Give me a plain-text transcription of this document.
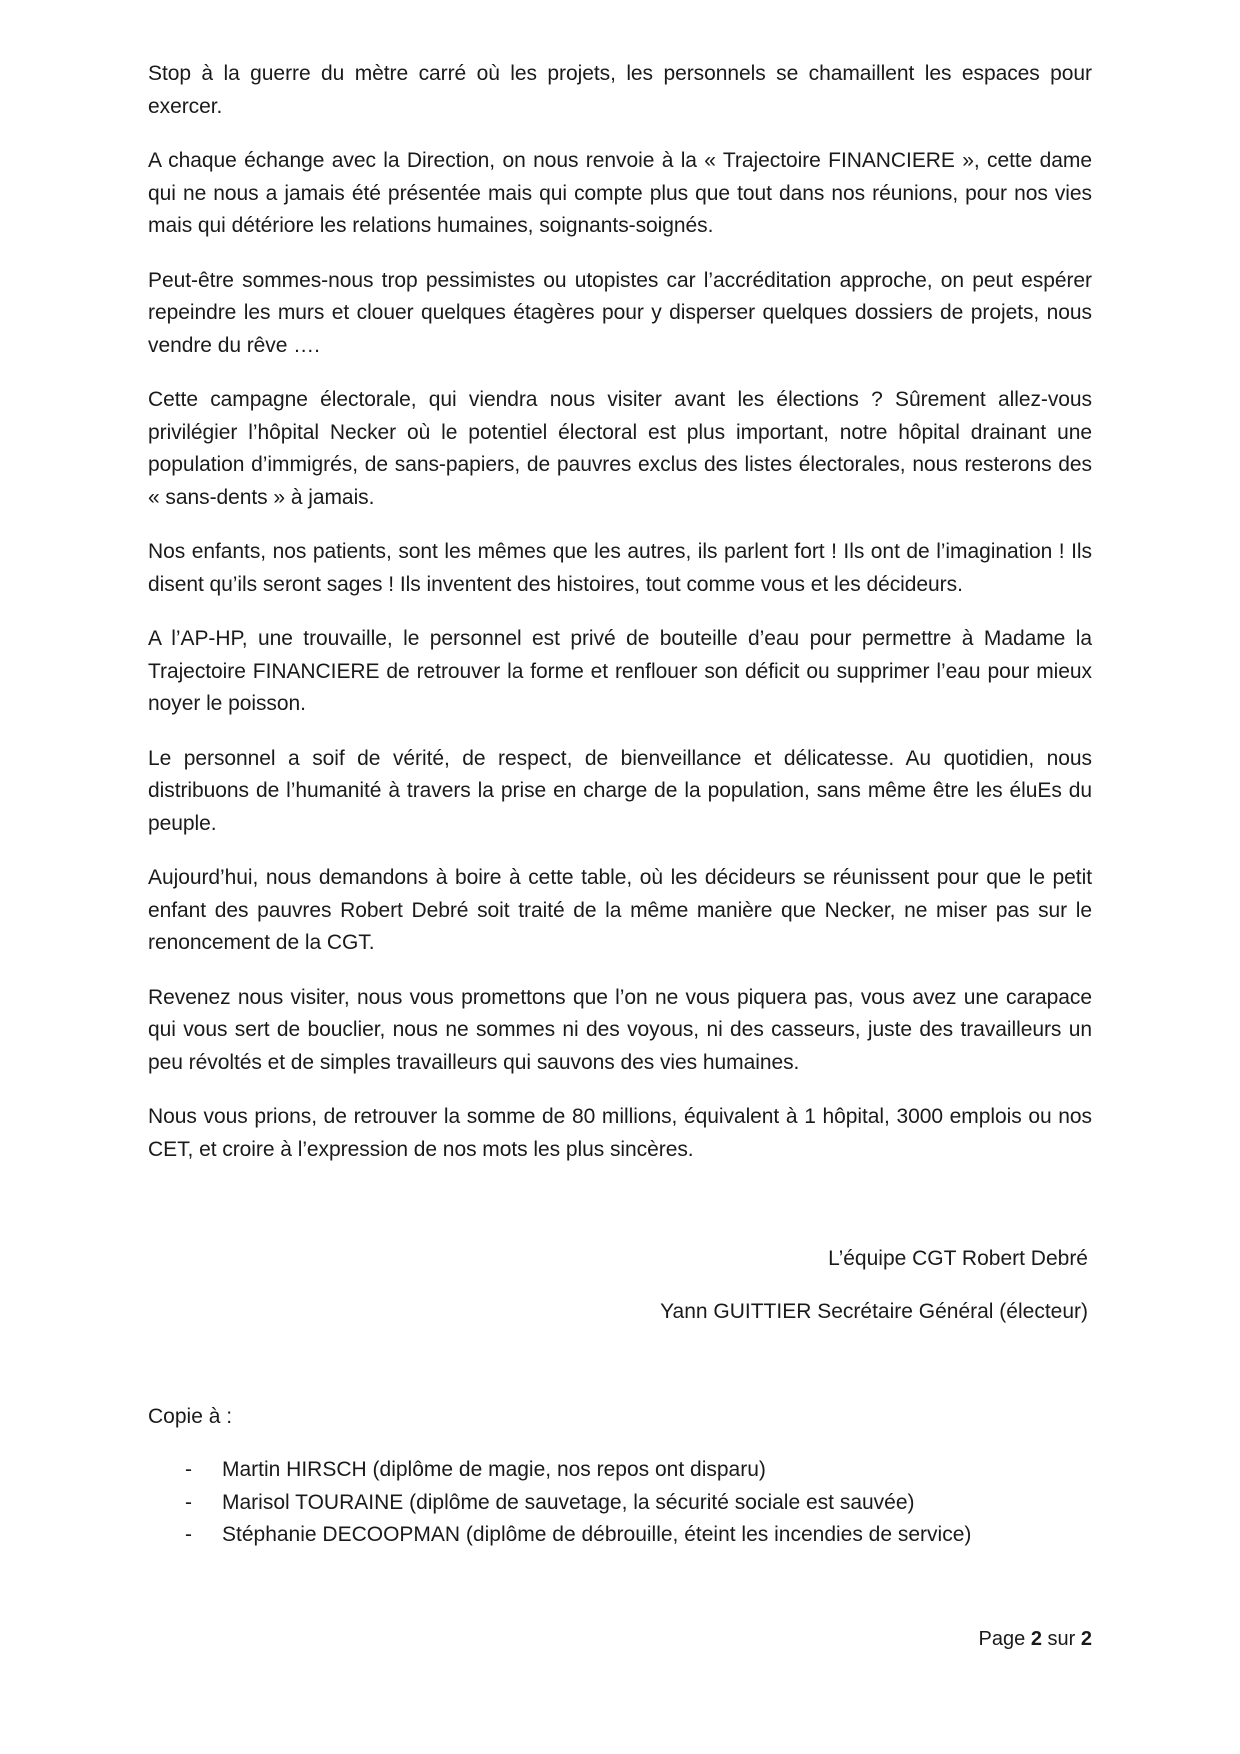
Stop à la guerre du mètre carré où les projets, les personnels se chamaillent les espaces pour exercer.

A chaque échange avec la Direction, on nous renvoie à la « Trajectoire FINANCIERE », cette dame qui ne nous a jamais été présentée mais qui compte plus que tout dans nos réunions, pour nos vies mais qui détériore les relations humaines, soignants-soignés.

Peut-être sommes-nous trop pessimistes ou utopistes car l’accréditation approche, on peut espérer repeindre les murs et clouer quelques étagères pour y disperser quelques dossiers de projets, nous vendre du rêve ….

Cette campagne électorale, qui viendra nous visiter avant les élections ? Sûrement allez-vous privilégier l’hôpital Necker où le potentiel électoral est plus important, notre hôpital drainant une population d’immigrés, de sans-papiers, de pauvres exclus des listes électorales, nous resterons des « sans-dents » à jamais.

Nos enfants, nos patients, sont les mêmes que les autres, ils parlent fort ! Ils ont de l’imagination ! Ils disent qu’ils seront sages ! Ils inventent des histoires, tout comme vous et les décideurs.

A l’AP-HP, une trouvaille, le personnel est privé de bouteille d’eau pour permettre à Madame la Trajectoire FINANCIERE de retrouver la forme et renflouer son déficit ou supprimer l’eau pour mieux noyer le poisson.

Le personnel a soif de vérité, de respect, de bienveillance et délicatesse. Au quotidien, nous distribuons de l’humanité à travers la prise en charge de la population, sans même être les éluEs du peuple.

Aujourd’hui, nous demandons à boire à cette table, où les décideurs se réunissent pour que le petit enfant des pauvres Robert Debré soit traité de la même manière que Necker, ne miser pas sur le renoncement de la CGT.

Revenez nous visiter, nous vous promettons que l’on ne vous piquera pas, vous avez une carapace qui vous sert de bouclier, nous ne sommes ni des voyous, ni des casseurs, juste des travailleurs un peu révoltés et de simples travailleurs qui sauvons des vies humaines.

Nous vous prions, de retrouver la somme de 80 millions, équivalent à 1 hôpital, 3000 emplois ou nos CET, et croire à l’expression de nos mots les plus sincères.

L’équipe CGT Robert Debré
Yann GUITTIER Secrétaire Général (électeur)

Copie à :

- Martin HIRSCH (diplôme de magie, nos repos ont disparu)
- Marisol TOURAINE (diplôme de sauvetage, la sécurité sociale est sauvée)
- Stéphanie DECOOPMAN (diplôme de débrouille, éteint les incendies de service)
Page 2 sur 2
